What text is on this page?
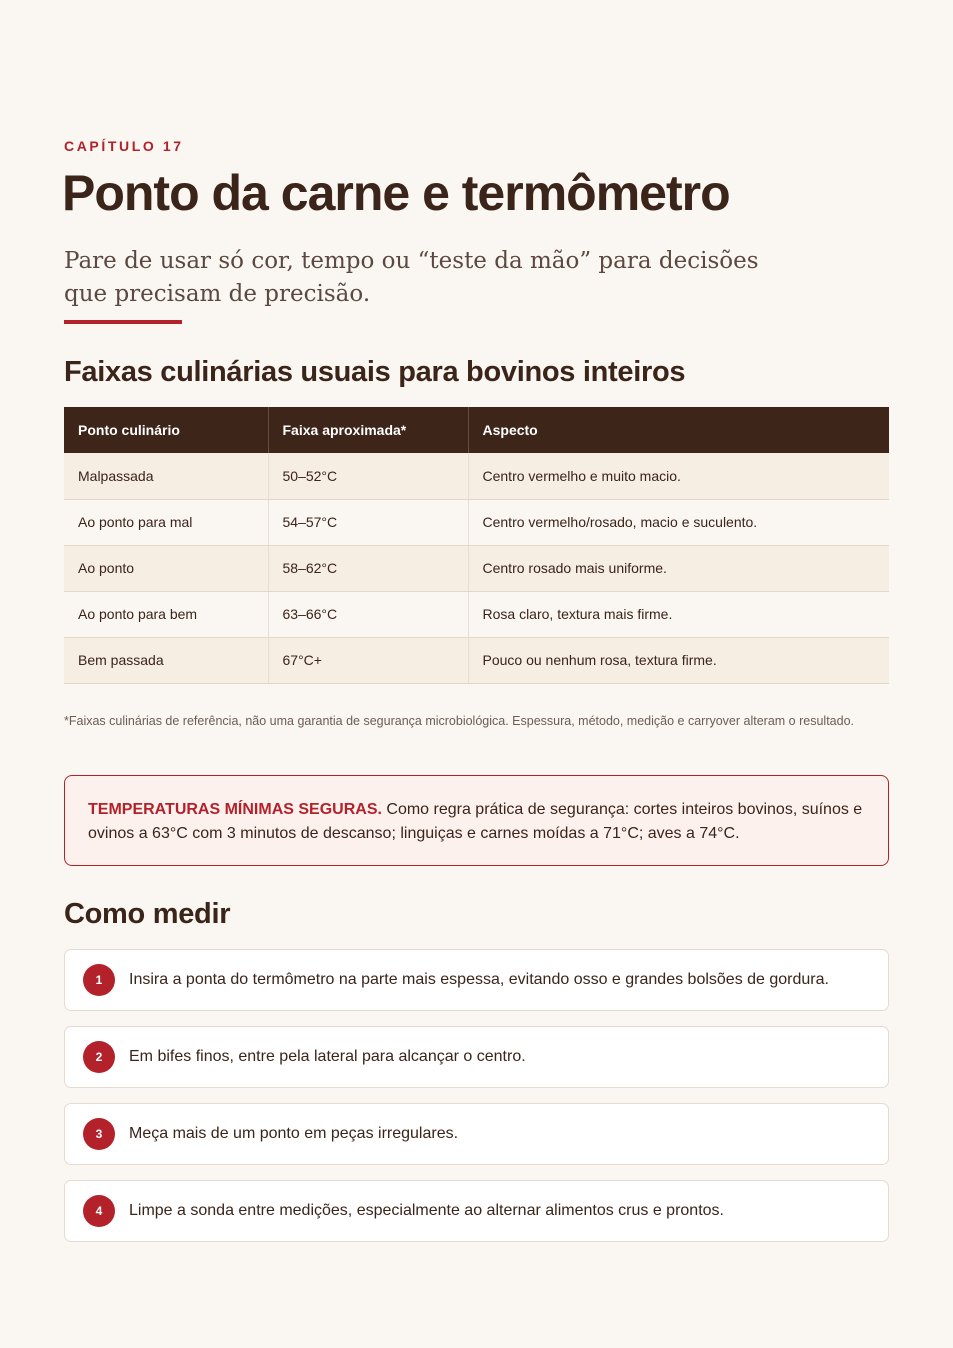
CAPÍTULO 17
Ponto da carne e termômetro

Pare de usar só cor, tempo ou “teste da mão” para decisões que precisam de precisão.

Faixas culinárias usuais para bovinos inteiros
Ponto culinário	Faixa aproximada*	Aspecto
Malpassada	50–52°C	Centro vermelho e muito macio.
Ao ponto para mal	54–57°C	Centro vermelho/rosado, macio e suculento.
Ao ponto	58–62°C	Centro rosado mais uniforme.
Ao ponto para bem	63–66°C	Rosa claro, textura mais firme.
Bem passada	67°C+	Pouco ou nenhum rosa, textura firme.

*Faixas culinárias de referência, não uma garantia de segurança microbiológica. Espessura, método, medição e carryover alteram o resultado.

TEMPERATURAS MÍNIMAS SEGURAS. Como regra prática de segurança: cortes inteiros bovinos, suínos e ovinos a 63°C com 3 minutos de descanso; linguiças e carnes moídas a 71°C; aves a 74°C.
Como medir
1	Insira a ponta do termômetro na parte mais espessa, evitando osso e grandes bolsões de gordura.
2	Em bifes finos, entre pela lateral para alcançar o centro.
3	Meça mais de um ponto em peças irregulares.
4	Limpe a sonda entre medições, especialmente ao alternar alimentos crus e prontos.
